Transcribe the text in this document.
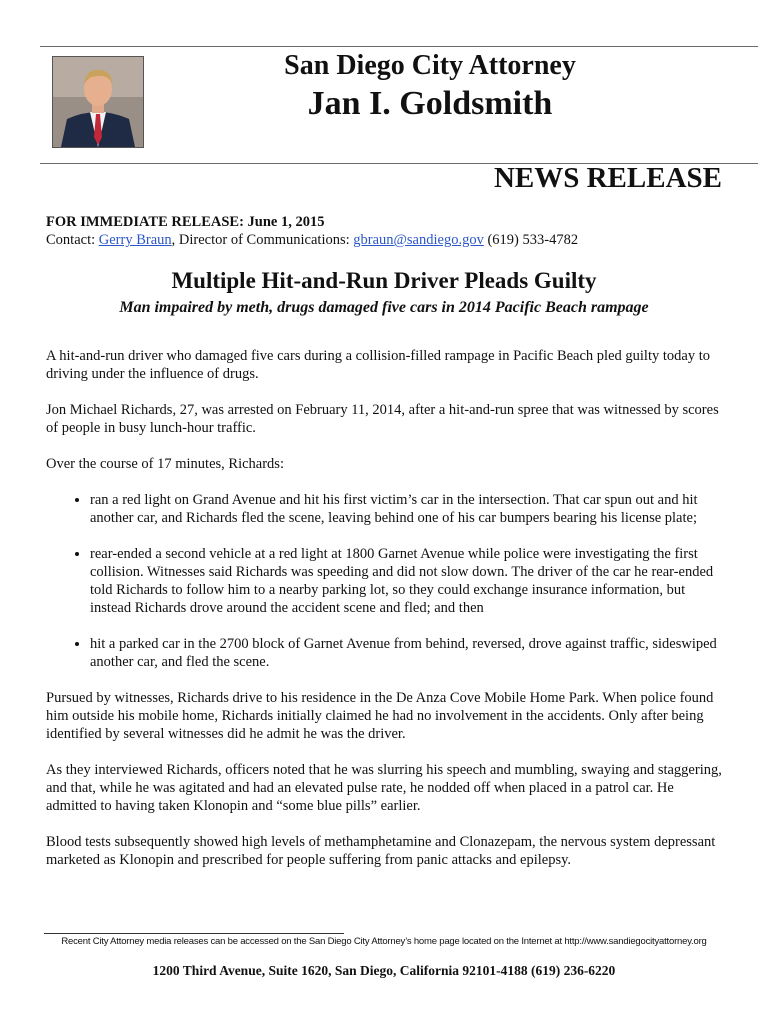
San Diego City Attorney
Jan I. Goldsmith
NEWS RELEASE
FOR IMMEDIATE RELEASE: June 1, 2015
Contact: Gerry Braun, Director of Communications: gbraun@sandiego.gov (619) 533-4782
Multiple Hit-and-Run Driver Pleads Guilty
Man impaired by meth, drugs damaged five cars in 2014 Pacific Beach rampage

A hit-and-run driver who damaged five cars during a collision-filled rampage in Pacific Beach pled guilty today to driving under the influence of drugs.

Jon Michael Richards, 27, was arrested on February 11, 2014, after a hit-and-run spree that was witnessed by scores of people in busy lunch-hour traffic.

Over the course of 17 minutes, Richards:

• ran a red light on Grand Avenue and hit his first victim’s car in the intersection. That car spun out and hit another car, and Richards fled the scene, leaving behind one of his car bumpers bearing his license plate;
• rear-ended a second vehicle at a red light at 1800 Garnet Avenue while police were investigating the first collision. Witnesses said Richards was speeding and did not slow down. The driver of the car he rear-ended told Richards to follow him to a nearby parking lot, so they could exchange insurance information, but instead Richards drove around the accident scene and fled; and then
• hit a parked car in the 2700 block of Garnet Avenue from behind, reversed, drove against traffic, sideswiped another car, and fled the scene.

Pursued by witnesses, Richards drive to his residence in the De Anza Cove Mobile Home Park. When police found him outside his mobile home, Richards initially claimed he had no involvement in the accidents. Only after being identified by several witnesses did he admit he was the driver.

As they interviewed Richards, officers noted that he was slurring his speech and mumbling, swaying and staggering, and that, while he was agitated and had an elevated pulse rate, he nodded off when placed in a patrol car. He admitted to having taken Klonopin and “some blue pills” earlier.

Blood tests subsequently showed high levels of methamphetamine and Clonazepam, the nervous system depressant marketed as Klonopin and prescribed for people suffering from panic attacks and epilepsy.

Recent City Attorney media releases can be accessed on the San Diego City Attorney’s home page located on the Internet at http://www.sandiegocityattorney.org
1200 Third Avenue, Suite 1620, San Diego, California 92101-4188 (619) 236-6220
